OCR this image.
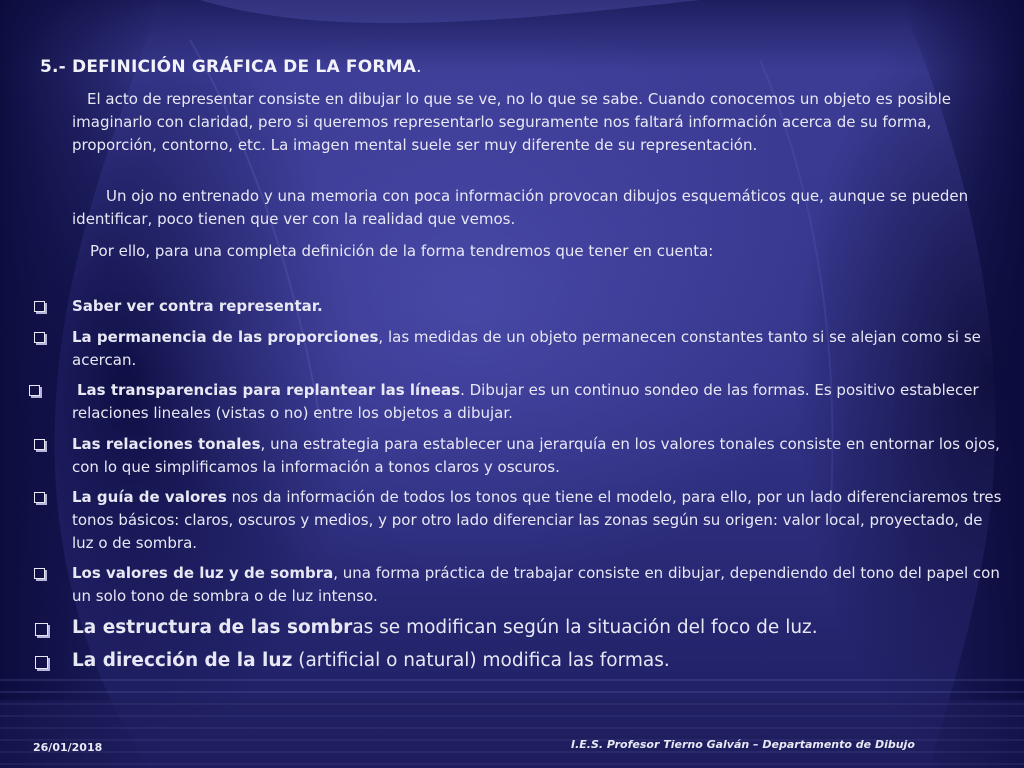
5.- DEFINICIÓN GRÁFICA DE LA FORMA.

El acto de representar consiste en dibujar lo que se ve, no lo que se sabe. Cuando conocemos un objeto es posible imaginarlo con claridad, pero si queremos representarlo seguramente nos faltará información acerca de su forma, proporción, contorno, etc. La imagen mental suele ser muy diferente de su representación.

Un ojo no entrenado y una memoria con poca información provocan dibujos esquemáticos que, aunque se pueden identificar, poco tienen que ver con la realidad que vemos.

Por ello, para una completa definición de la forma tendremos que tener en cuenta:

Saber ver contra representar.

La permanencia de las proporciones, las medidas de un objeto permanecen constantes tanto si se alejan como si se acercan.

Las transparencias para replantear las líneas. Dibujar es un continuo sondeo de las formas. Es positivo establecer relaciones lineales (vistas o no) entre los objetos a dibujar.

Las relaciones tonales, una estrategia para establecer una jerarquía en los valores tonales consiste en entornar los ojos, con lo que simplificamos la información a tonos claros y oscuros.

La guía de valores nos da información de todos los tonos que tiene el modelo, para ello, por un lado diferenciaremos tres tonos básicos: claros, oscuros y medios, y por otro lado diferenciar las zonas según su origen: valor local, proyectado, de luz o de sombra.

Los valores de luz y de sombra, una forma práctica de trabajar consiste en dibujar, dependiendo del tono del papel con un solo tono de sombra o de luz intenso.

La estructura de las sombras se modifican según la situación del foco de luz.

La dirección de la luz (artificial o natural) modifica las formas.

26/01/2018	I.E.S. Profesor Tierno Galván – Departamento de Dibujo
